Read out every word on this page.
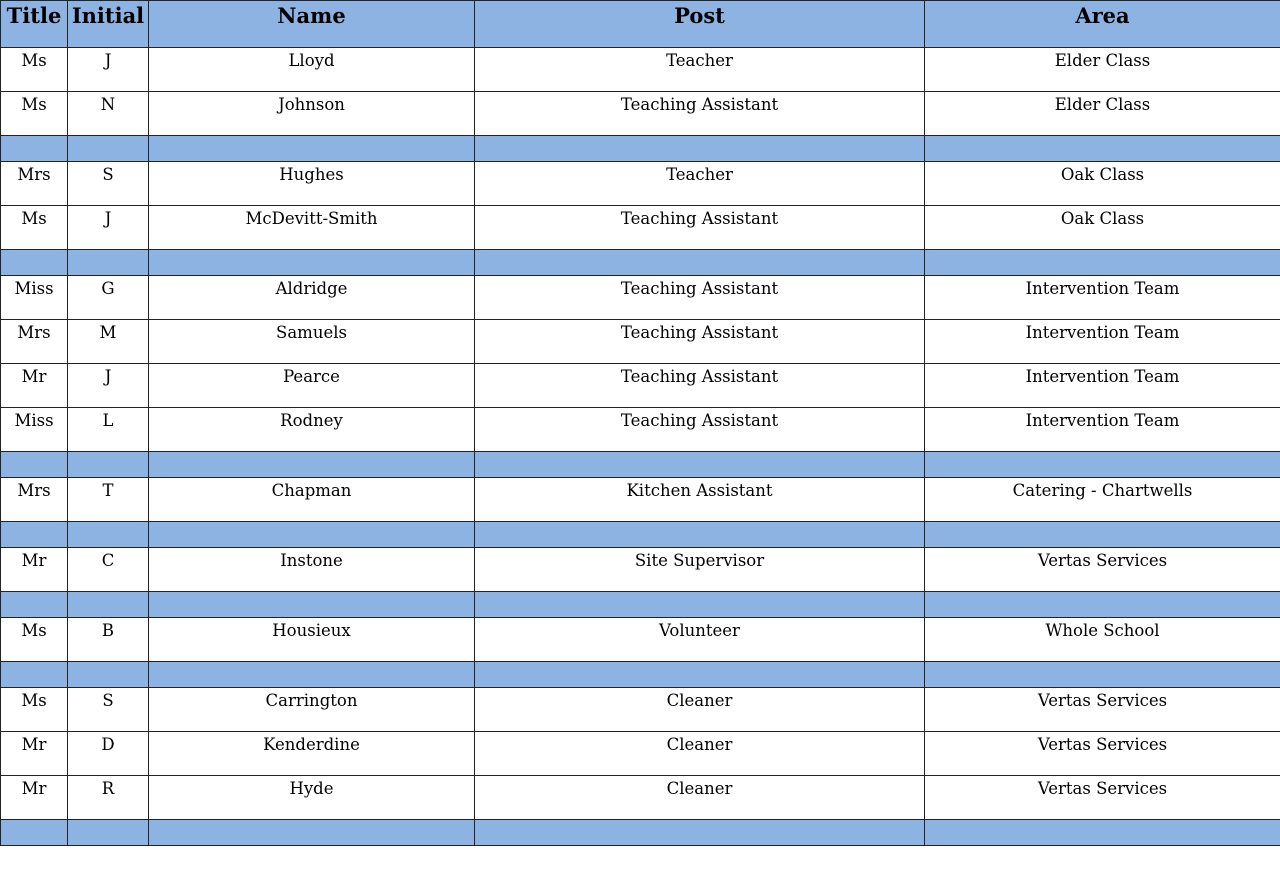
Title	Initial	Name	Post	Area
Ms	J	Lloyd	Teacher	Elder Class
Ms	N	Johnson	Teaching Assistant	Elder Class

Mrs	S	Hughes	Teacher	Oak Class
Ms	J	McDevitt-Smith	Teaching Assistant	Oak Class

Miss	G	Aldridge	Teaching Assistant	Intervention Team
Mrs	M	Samuels	Teaching Assistant	Intervention Team
Mr	J	Pearce	Teaching Assistant	Intervention Team
Miss	L	Rodney	Teaching Assistant	Intervention Team

Mrs	T	Chapman	Kitchen Assistant	Catering - Chartwells

Mr	C	Instone	Site Supervisor	Vertas Services

Ms	B	Housieux	Volunteer	Whole School

Ms	S	Carrington	Cleaner	Vertas Services
Mr	D	Kenderdine	Cleaner	Vertas Services
Mr	R	Hyde	Cleaner	Vertas Services
